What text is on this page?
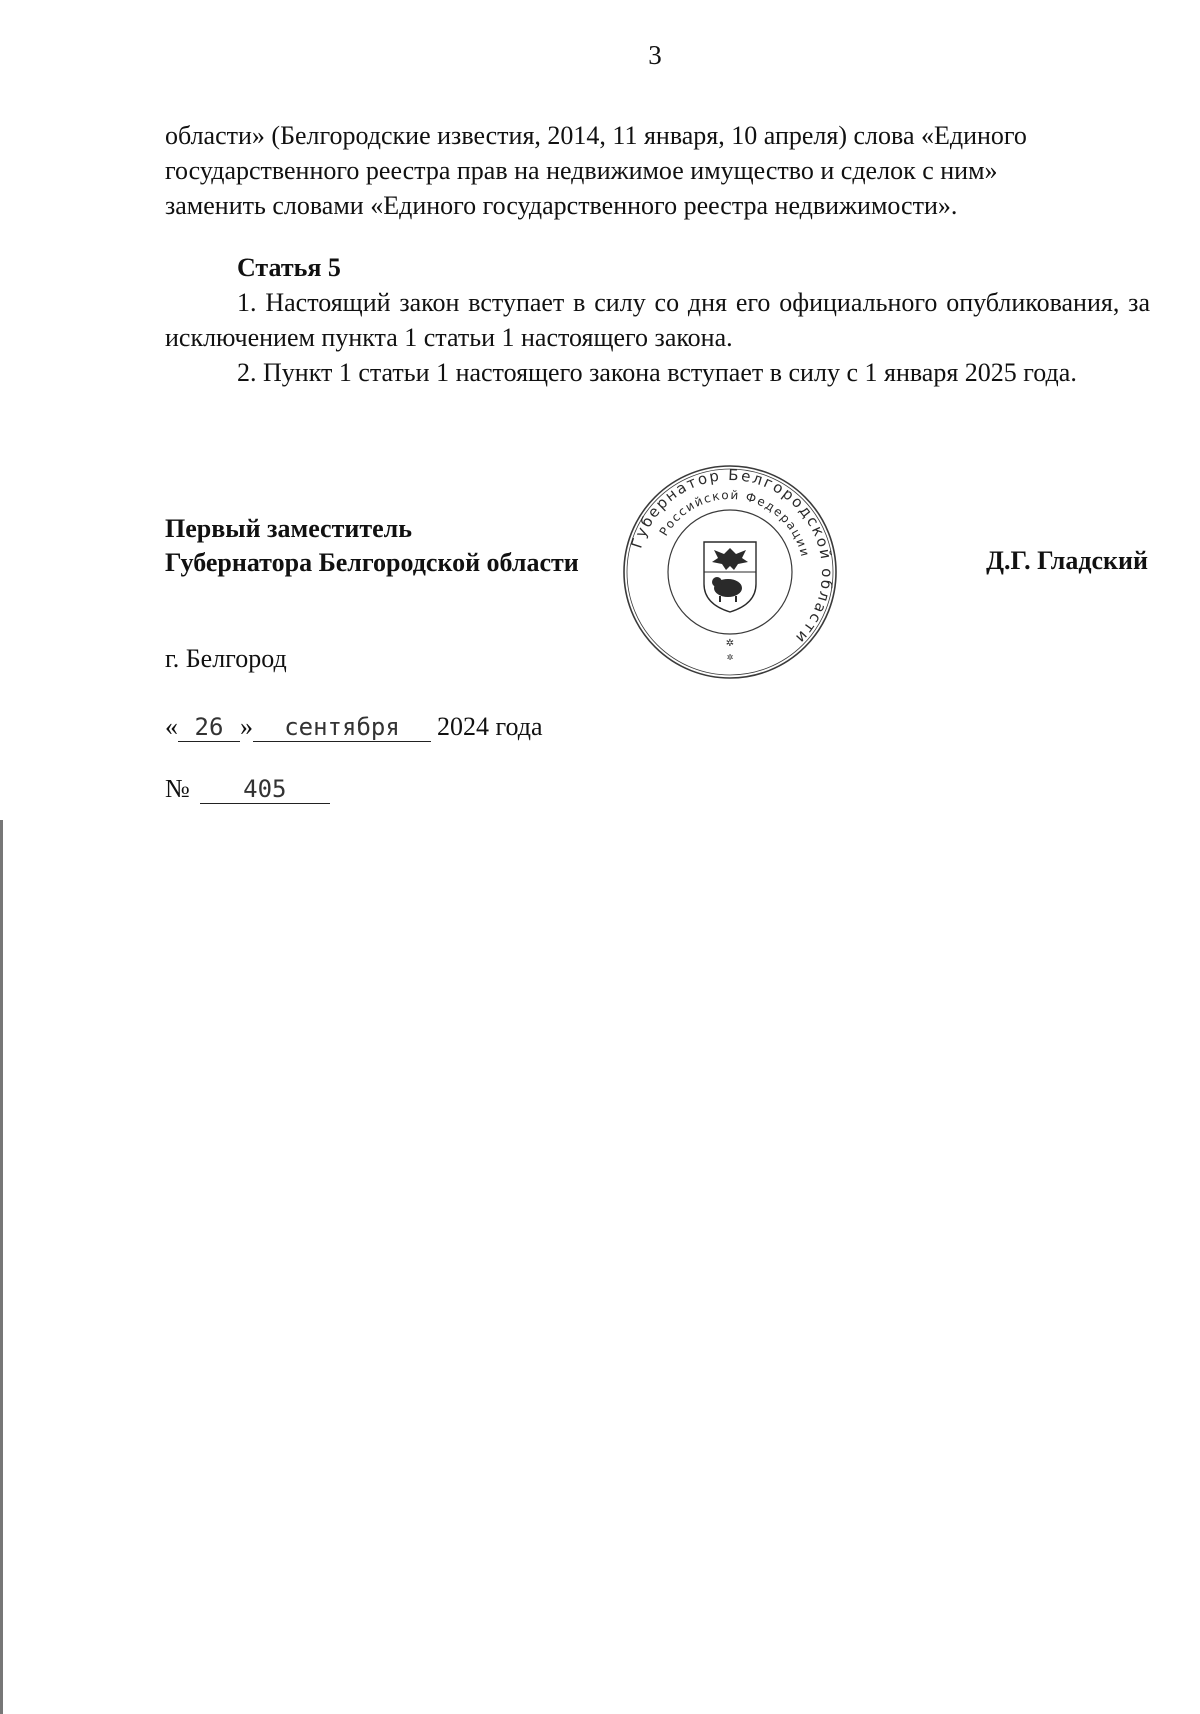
3

области» (Белгородские известия, 2014, 11 января, 10 апреля) слова «Единого

государственного реестра прав на недвижимое имущество и сделок с ним»

заменить словами «Единого государственного реестра недвижимости».

Статья 5

1. Настоящий закон вступает в силу со дня его официального опубликования, за исключением пункта 1 статьи 1 настоящего закона.

2. Пункт 1 статьи 1 настоящего закона вступает в силу с 1 января 2025 года.

Первый заместитель
Губернатора Белгородской области	Д.Г. Гладский
Губернатор Белгородской области
Российской Федерации
✲
✲
г. Белгород
« 26 »	сентября	2024 года
№	405
